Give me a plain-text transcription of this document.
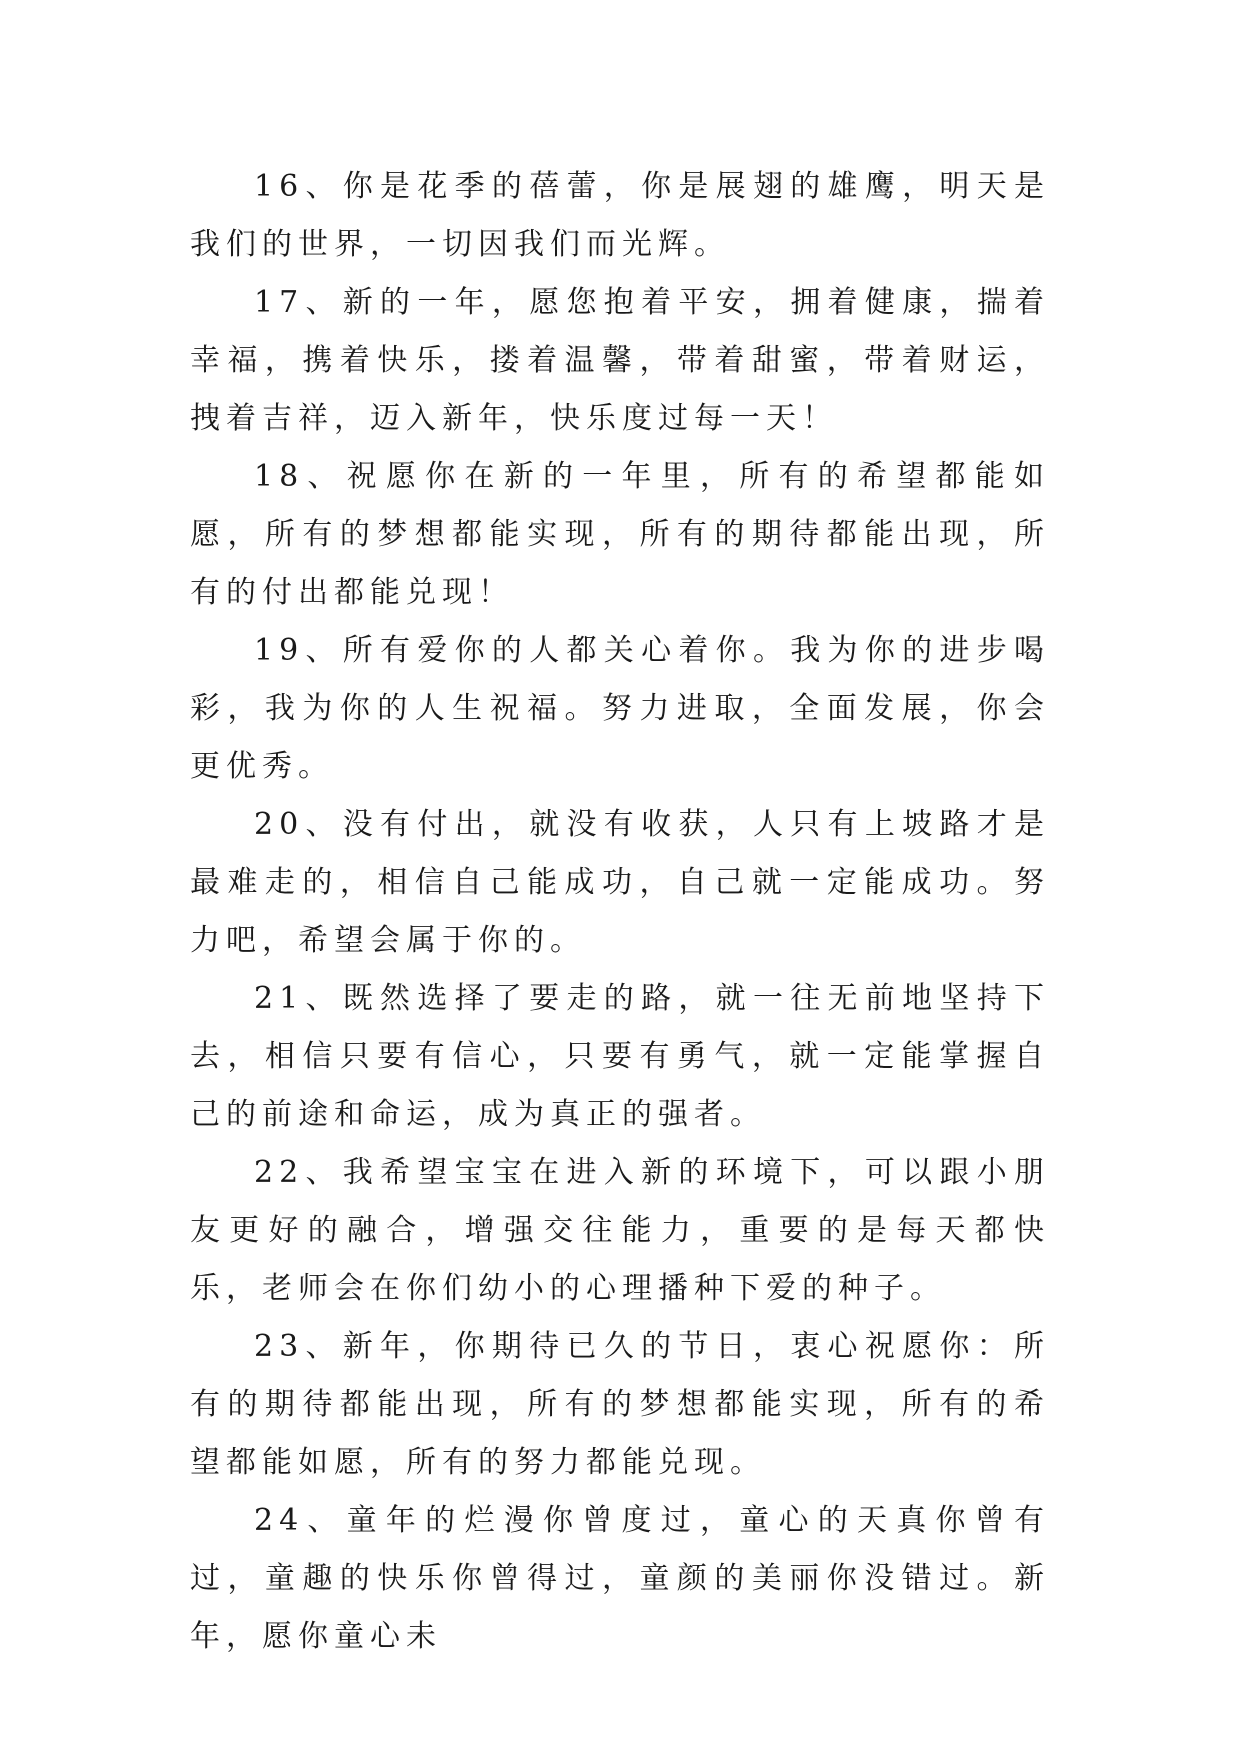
16、你是花季的蓓蕾，你是展翅的雄鹰，明天是我们的世界，一切因我们而光辉。

17、新的一年，愿您抱着平安，拥着健康，揣着幸福，携着快乐，搂着温馨，带着甜蜜，带着财运，拽着吉祥，迈入新年，快乐度过每一天！

18、祝愿你在新的一年里，所有的希望都能如愿，所有的梦想都能实现，所有的期待都能出现，所有的付出都能兑现！

19、所有爱你的人都关心着你。我为你的进步喝彩，我为你的人生祝福。努力进取，全面发展，你会更优秀。

20、没有付出，就没有收获，人只有上坡路才是最难走的，相信自己能成功，自己就一定能成功。努力吧，希望会属于你的。

21、既然选择了要走的路，就一往无前地坚持下去，相信只要有信心，只要有勇气，就一定能掌握自己的前途和命运，成为真正的强者。

22、我希望宝宝在进入新的环境下，可以跟小朋友更好的融合，增强交往能力，重要的是每天都快乐，老师会在你们幼小的心理播种下爱的种子。

23、新年，你期待已久的节日，衷心祝愿你：所有的期待都能出现，所有的梦想都能实现，所有的希望都能如愿，所有的努力都能兑现。

24、童年的烂漫你曾度过，童心的天真你曾有过，童趣的快乐你曾得过，童颜的美丽你没错过。新年，愿你童心未
